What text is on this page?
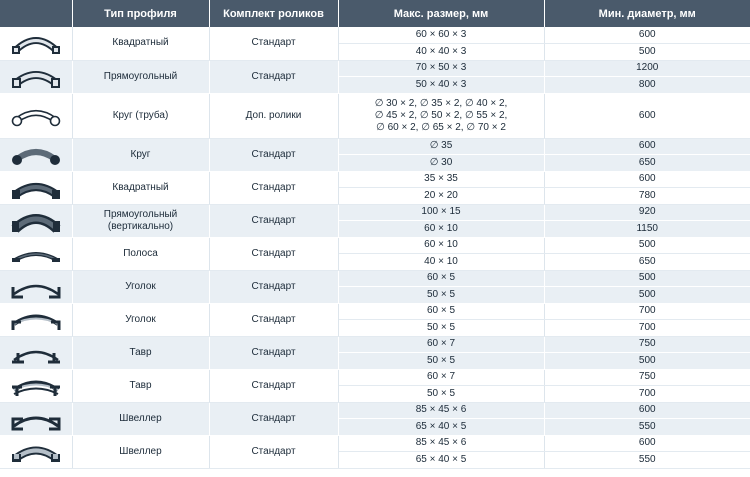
	Тип профиля	Комплект роликов	Макс. размер, мм	Мин. диаметр, мм

	Квадратный	Стандарт	60 × 60 × 3	600
			40 × 40 × 3	500

	Прямоугольный	Стандарт	70 × 50 × 3	1200
			50 × 40 × 3	800

	Круг (труба)	Доп. ролики	∅ 30 × 2, ∅ 35 × 2, ∅ 40 × 2,
∅ 45 × 2, ∅ 50 × 2, ∅ 55 × 2,
∅ 60 × 2, ∅ 65 × 2, ∅ 70 × 2	600

	Круг	Стандарт	∅ 35	600
			∅ 30	650

	Квадратный	Стандарт	35 × 35	600
			20 × 20	780

Прямоугольный
(вертикально)	Стандарт	100 × 15	920
			60 × 10	1150

	Полоса	Стандарт	60 × 10	500
			40 × 10	650

	Уголок	Стандарт	60 × 5	500
			50 × 5	500

	Уголок	Стандарт	60 × 5	700
			50 × 5	700

	Тавр	Стандарт	60 × 7	750
			50 × 5	500

	Тавр	Стандарт	60 × 7	750
			50 × 5	700

	Швеллер	Стандарт	85 × 45 × 6	600
			65 × 40 × 5	550

	Швеллер	Стандарт	85 × 45 × 6	600
			65 × 40 × 5	550
